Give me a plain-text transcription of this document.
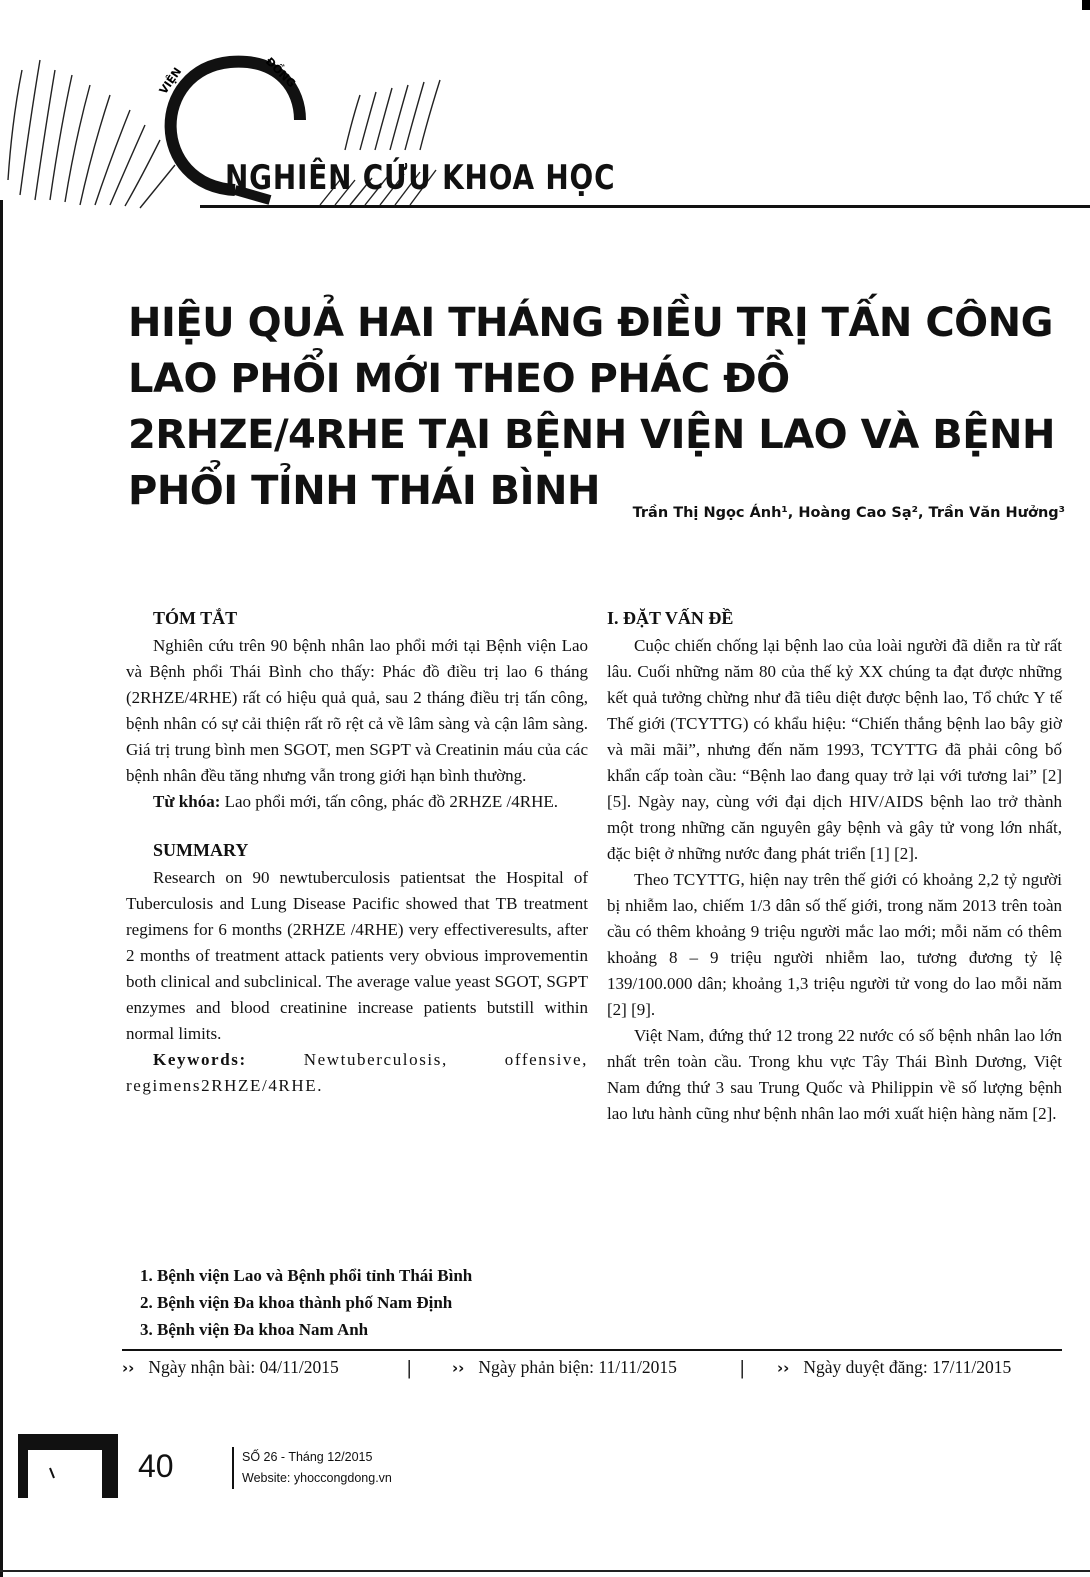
VIỆN	ĐỒNG
NGHIÊN CỨU KHOA HỌC
HIỆU QUẢ HAI THÁNG ĐIỀU TRỊ TẤN CÔNG LAO PHỔI MỚI THEO PHÁC ĐỒ 2RHZE/4RHE TẠI BỆNH VIỆN LAO VÀ BỆNH PHỔI TỈNH THÁI BÌNH	Trần Thị Ngọc Ánh¹, Hoàng Cao Sạ², Trần Văn Hưởng³
TÓM TẮT

Nghiên cứu trên 90 bệnh nhân lao phổi mới tại Bệnh viện Lao và Bệnh phổi Thái Bình cho thấy: Phác đồ điều trị lao 6 tháng (2RHZE/4RHE) rất có hiệu quả quả, sau 2 tháng điều trị tấn công, bệnh nhân có sự cải thiện rất rõ rệt cả về lâm sàng và cận lâm sàng. Giá trị trung bình men SGOT, men SGPT và Creatinin máu của các bệnh nhân đều tăng nhưng vẫn trong giới hạn bình thường.

Từ khóa: Lao phổi mới, tấn công, phác đồ 2RHZE /4RHE.

SUMMARY

Research on 90 newtuberculosis patientsat the Hospital of Tuberculosis and Lung Disease Pacific showed that TB treatment regimens for 6 months (2RHZE /4RHE) very effectiveresults, after 2 months of treatment attack patients very obvious improvementin both clinical and subclinical. The average value yeast SGOT, SGPT enzymes and blood creatinine increase patients butstill within normal limits.

Keywords: Newtuberculosis, offensive, regimens2RHZE/4RHE.

I. ĐẶT VẤN ĐỀ

Cuộc chiến chống lại bệnh lao của loài người đã diễn ra từ rất lâu. Cuối những năm 80 của thế kỷ XX chúng ta đạt được những kết quả tưởng chừng như đã tiêu diệt được bệnh lao, Tổ chức Y tế Thế giới (TCYTTG) có khẩu hiệu: “Chiến thắng bệnh lao bây giờ và mãi mãi”, nhưng đến năm 1993, TCYTTG đã phải công bố khẩn cấp toàn cầu: “Bệnh lao đang quay trở lại với tương lai” [2] [5]. Ngày nay, cùng với đại dịch HIV/AIDS bệnh lao trở thành một trong những căn nguyên gây bệnh và gây tử vong lớn nhất, đặc biệt ở những nước đang phát triển [1] [2].

Theo TCYTTG, hiện nay trên thế giới có khoảng 2,2 tỷ người bị nhiễm lao, chiếm 1/3 dân số thế giới, trong năm 2013 trên toàn cầu có thêm khoảng 9 triệu người mắc lao mới; mỗi năm có thêm khoảng 8 – 9 triệu người nhiễm lao, tương đương tỷ lệ 139/100.000 dân; khoảng 1,3 triệu người tử vong do lao mỗi năm [2] [9].

Việt Nam, đứng thứ 12 trong 22 nước có số bệnh nhân lao lớn nhất trên toàn cầu. Trong khu vực Tây Thái Bình Dương, Việt Nam đứng thứ 3 sau Trung Quốc và Philippin về số lượng bệnh lao lưu hành cũng như bệnh nhân lao mới xuất hiện hàng năm [2].

1. Bệnh viện Lao và Bệnh phổi tỉnh Thái Bình
2. Bệnh viện Đa khoa thành phố Nam Định
3. Bệnh viện Đa khoa Nam Anh
›› Ngày nhận bài: 04/11/2015	|	›› Ngày phản biện: 11/11/2015	| ›› Ngày duyệt đăng: 17/11/2015
40	SỐ 26 - Tháng 12/2015
Website: yhoccongdong.vn
